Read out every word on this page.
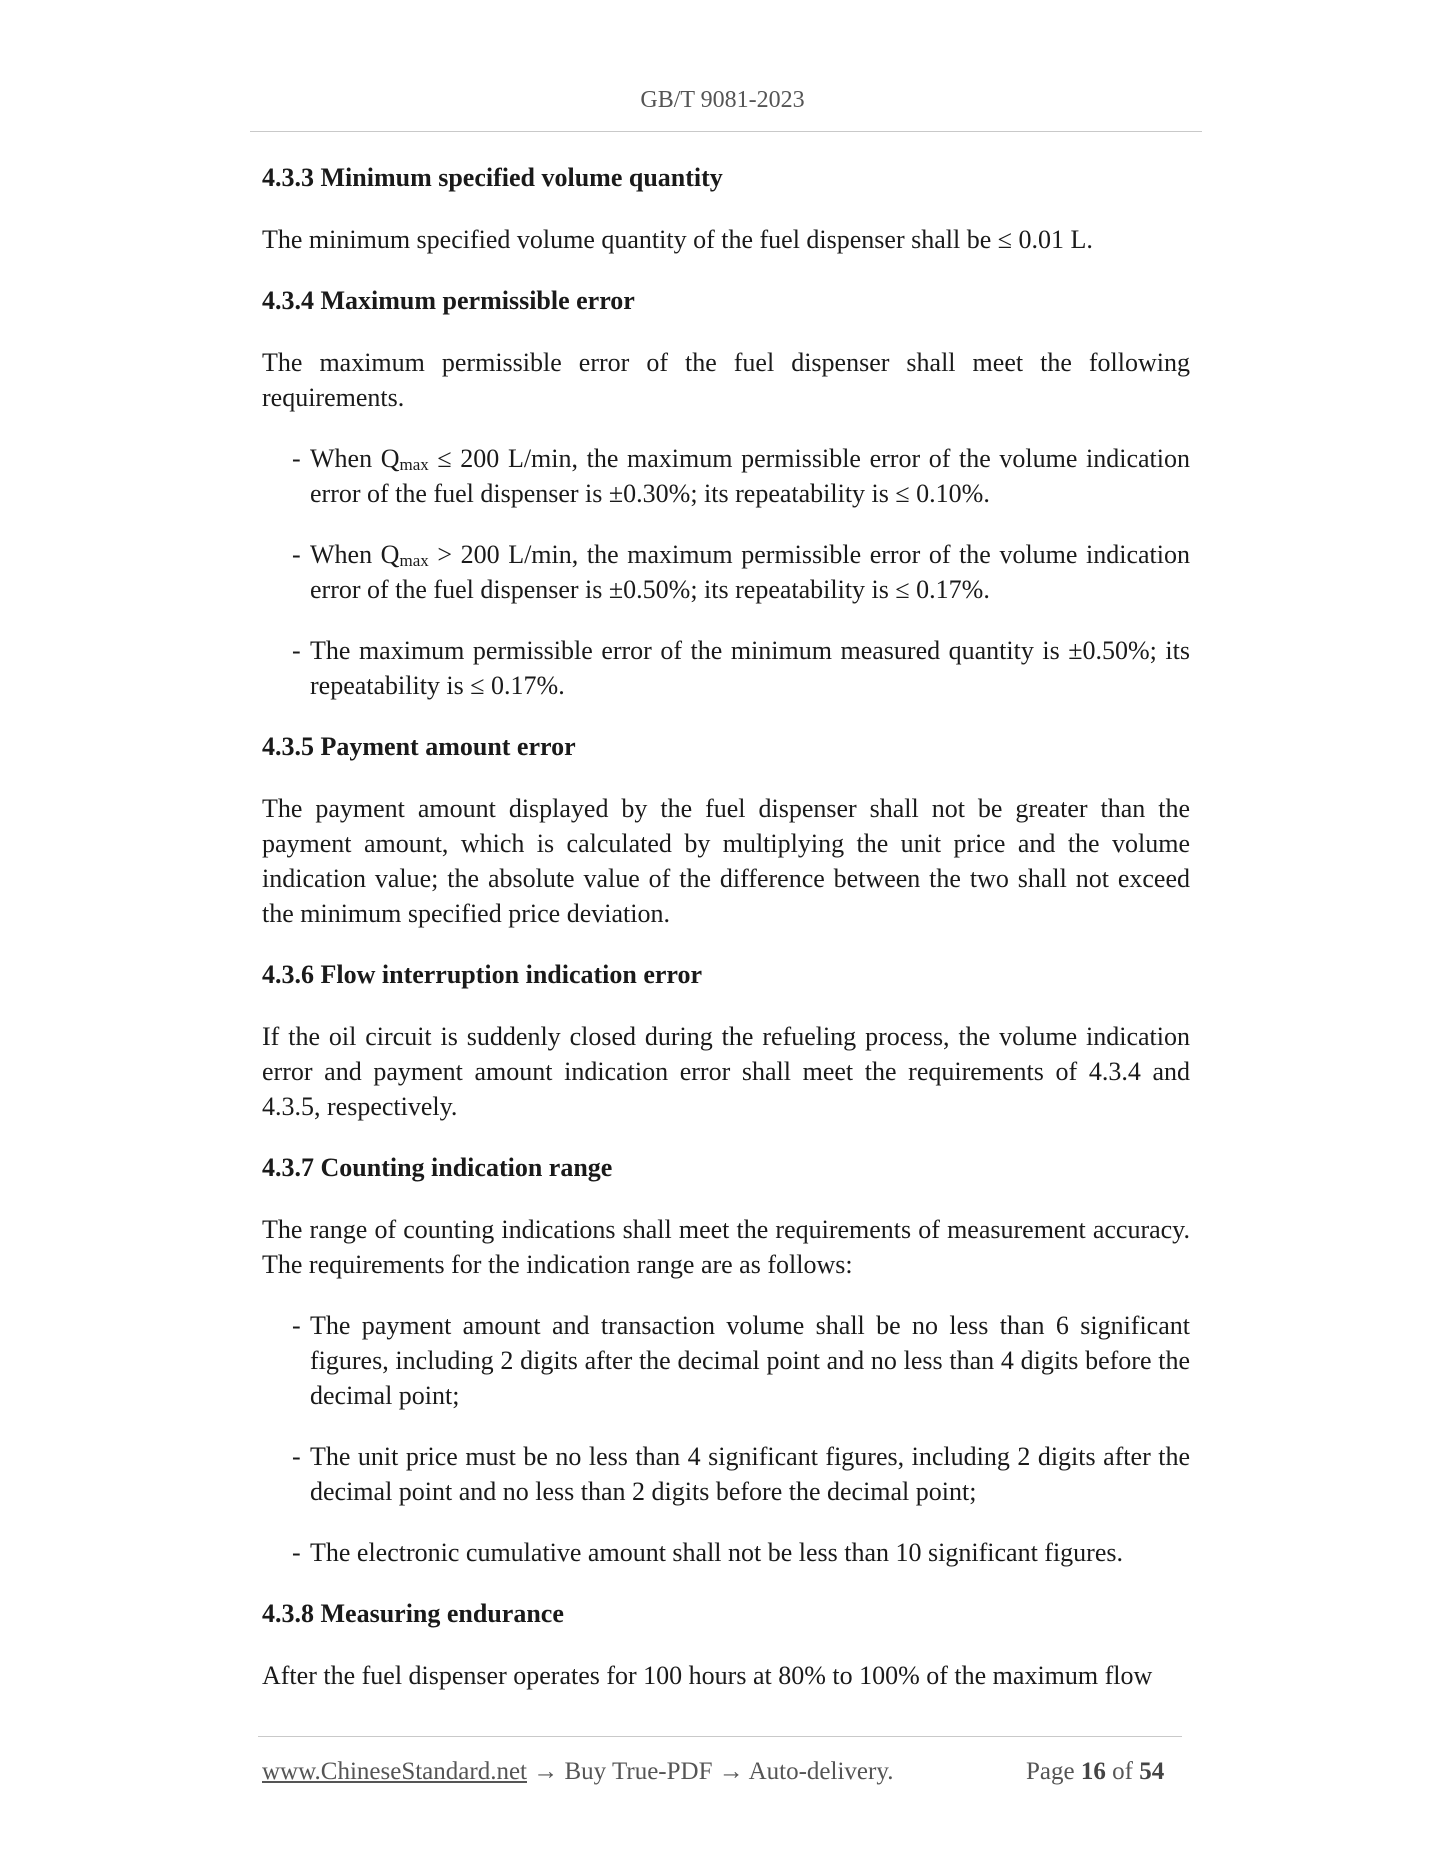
GB/T 9081-2023
4.3.3 Minimum specified volume quantity
The minimum specified volume quantity of the fuel dispenser shall be ≤ 0.01 L.
4.3.4 Maximum permissible error
The maximum permissible error of the fuel dispenser shall meet the following requirements.
- When $Q_{max} \le 200$ L/min, the maximum permissible error of the volume indication error of the fuel dispenser is ±0.30%; its repeatability is ≤ 0.10%.
- When $Q_{max} > 200$ L/min, the maximum permissible error of the volume indication error of the fuel dispenser is ±0.50%; its repeatability is ≤ 0.17%.
- The maximum permissible error of the minimum measured quantity is ±0.50%; its repeatability is ≤ 0.17%.
4.3.5 Payment amount error
The payment amount displayed by the fuel dispenser shall not be greater than the payment amount, which is calculated by multiplying the unit price and the volume indication value; the absolute value of the difference between the two shall not exceed the minimum specified price deviation.
4.3.6 Flow interruption indication error
If the oil circuit is suddenly closed during the refueling process, the volume indication error and payment amount indication error shall meet the requirements of 4.3.4 and 4.3.5, respectively.
4.3.7 Counting indication range
The range of counting indications shall meet the requirements of measurement accuracy. The requirements for the indication range are as follows:
- The payment amount and transaction volume shall be no less than 6 significant figures, including 2 digits after the decimal point and no less than 4 digits before the decimal point;
- The unit price must be no less than 4 significant figures, including 2 digits after the decimal point and no less than 2 digits before the decimal point;
- The electronic cumulative amount shall not be less than 10 significant figures.
4.3.8 Measuring endurance
After the fuel dispenser operates for 100 hours at 80% to 100% of the maximum flow
www.ChineseStandard.net → Buy True-PDF → Auto-delivery.	Page 16 of 54
